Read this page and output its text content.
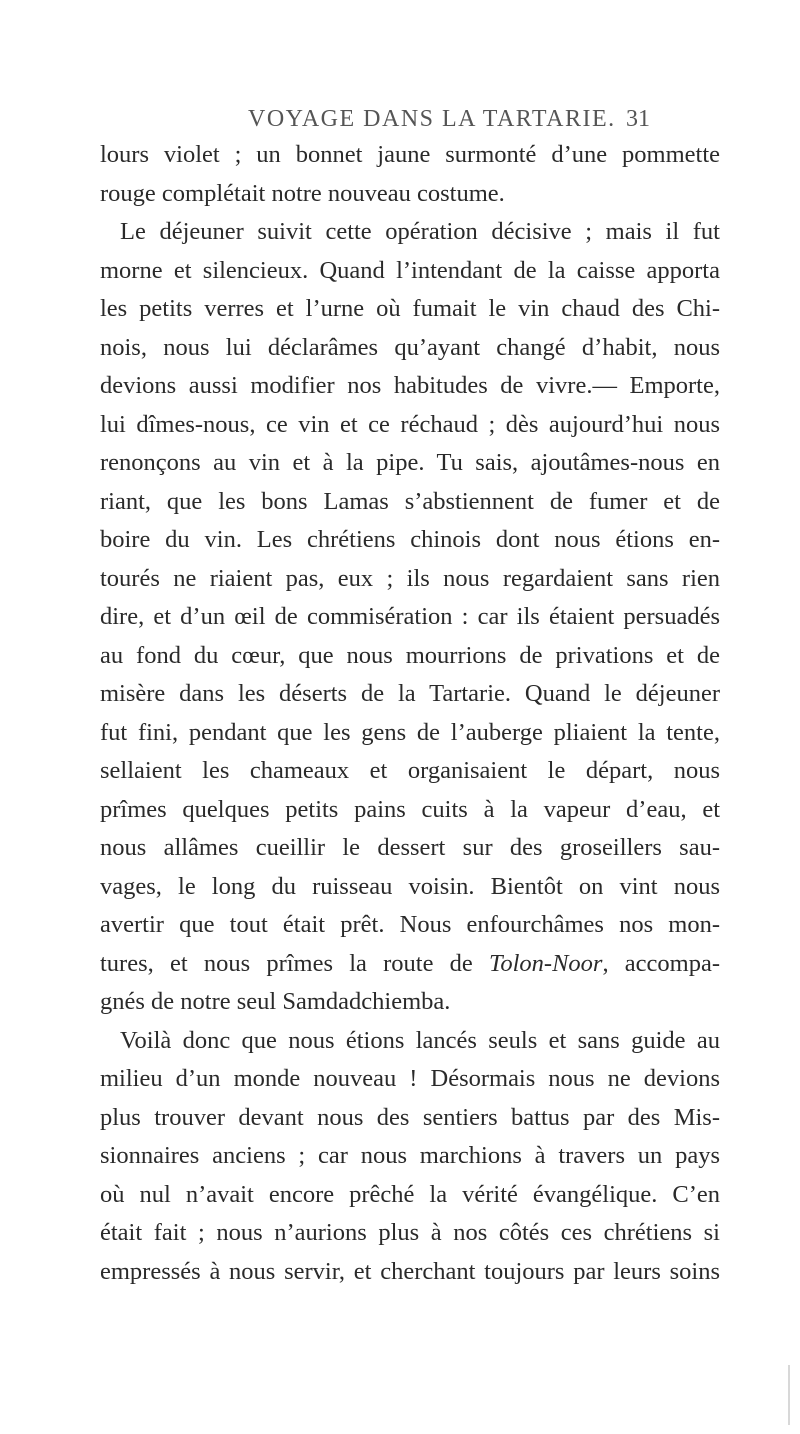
VOYAGE DANS LA TARTARIE. 31
lours violet ; un bonnet jaune surmonté d’une pommette
rouge complétait notre nouveau costume.
Le déjeuner suivit cette opération décisive ; mais il fut
morne et silencieux. Quand l’intendant de la caisse apporta
les petits verres et l’urne où fumait le vin chaud des Chi-
nois, nous lui déclarâmes qu’ayant changé d’habit, nous
devions aussi modifier nos habitudes de vivre.— Emporte,
lui dîmes-nous, ce vin et ce réchaud ; dès aujourd’hui nous
renonçons au vin et à la pipe. Tu sais, ajoutâmes-nous en
riant, que les bons Lamas s’abstiennent de fumer et de
boire du vin. Les chrétiens chinois dont nous étions en-
tourés ne riaient pas, eux ; ils nous regardaient sans rien
dire, et d’un œil de commisération : car ils étaient persuadés
au fond du cœur, que nous mourrions de privations et de
misère dans les déserts de la Tartarie. Quand le déjeuner
fut fini, pendant que les gens de l’auberge pliaient la tente,
sellaient les chameaux et organisaient le départ, nous
prîmes quelques petits pains cuits à la vapeur d’eau, et
nous allâmes cueillir le dessert sur des groseillers sau-
vages, le long du ruisseau voisin. Bientôt on vint nous
avertir que tout était prêt. Nous enfourchâmes nos mon-
tures, et nous prîmes la route de Tolon-Noor, accompa-
gnés de notre seul Samdadchiemba.
Voilà donc que nous étions lancés seuls et sans guide au
milieu d’un monde nouveau ! Désormais nous ne devions
plus trouver devant nous des sentiers battus par des Mis-
sionnaires anciens ; car nous marchions à travers un pays
où nul n’avait encore prêché la vérité évangélique. C’en
était fait ; nous n’aurions plus à nos côtés ces chrétiens si
empressés à nous servir, et cherchant toujours par leurs soins
